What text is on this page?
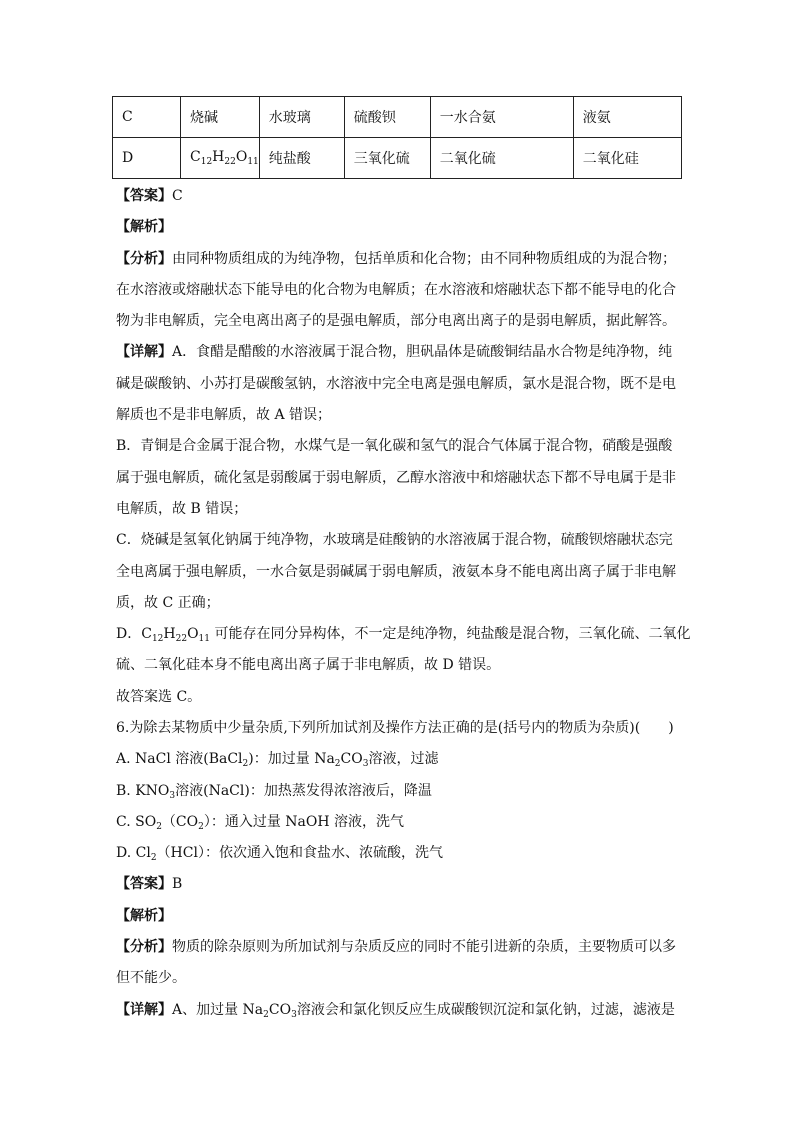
C	烧碱	水玻璃	硫酸钡	一水合氨	液氨
D	$C_{12}H_{22}O_{11}$	纯盐酸	三氧化硫	二氧化硫	二氧化硅
【答案】C
【解析】
【分析】由同种物质组成的为纯净物，包括单质和化合物；由不同种物质组成的为混合物；
在水溶液或熔融状态下能导电的化合物为电解质；在水溶液和熔融状态下都不能导电的化合
物为非电解质，完全电离出离子的是强电解质，部分电离出离子的是弱电解质，据此解答。
【详解】A．食醋是醋酸的水溶液属于混合物，胆矾晶体是硫酸铜结晶水合物是纯净物，纯
碱是碳酸钠、小苏打是碳酸氢钠，水溶液中完全电离是强电解质，氯水是混合物，既不是电
解质也不是非电解质，故 A 错误；
B．青铜是合金属于混合物，水煤气是一氧化碳和氢气的混合气体属于混合物，硝酸是强酸
属于强电解质，硫化氢是弱酸属于弱电解质，乙醇水溶液中和熔融状态下都不导电属于是非
电解质，故 B 错误；
C．烧碱是氢氧化钠属于纯净物，水玻璃是硅酸钠的水溶液属于混合物，硫酸钡熔融状态完
全电离属于强电解质，一水合氨是弱碱属于弱电解质，液氨本身不能电离出离子属于非电解
质，故 C 正确；
D．$C_{12}H_{22}O_{11}$ 可能存在同分异构体，不一定是纯净物，纯盐酸是混合物，三氧化硫、二氧化
硫、二氧化硅本身不能电离出离子属于非电解质，故 D 错误。
故答案选 C。
6.为除去某物质中少量杂质,下列所加试剂及操作方法正确的是(括号内的物质为杂质)(　　)
A. NaCl 溶液(BaCl$_2$)：加过量 $Na_2CO_3$溶液，过滤
B. $KNO_3$溶液(NaCl)：加热蒸发得浓溶液后，降温
C. $SO_2(CO_2)$：通入过量 NaOH 溶液，洗气
D. $Cl_2(HCl)$：依次通入饱和食盐水、浓硫酸，洗气
【答案】B
【解析】
【分析】物质的除杂原则为所加试剂与杂质反应的同时不能引进新的杂质，主要物质可以多
但不能少。
【详解】A、加过量 $Na_2CO_3$溶液会和氯化钡反应生成碳酸钡沉淀和氯化钠，过滤，滤液是
